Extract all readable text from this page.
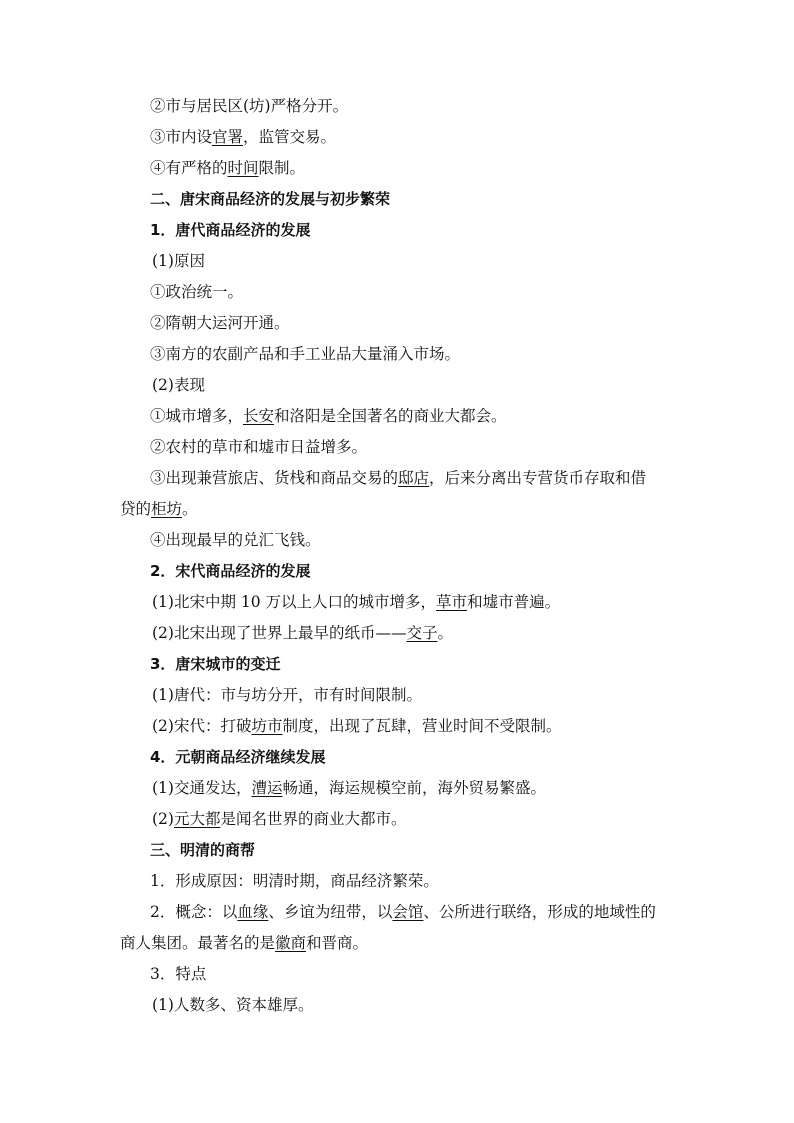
②市与居民区(坊)严格分开。
③市内设官署，监管交易。
④有严格的时间限制。
二、唐宋商品经济的发展与初步繁荣
1．唐代商品经济的发展
(1)原因
①政治统一。
②隋朝大运河开通。
③南方的农副产品和手工业品大量涌入市场。
(2)表现
①城市增多，长安和洛阳是全国著名的商业大都会。
②农村的草市和墟市日益增多。
③出现兼营旅店、货栈和商品交易的邸店，后来分离出专营货币存取和借
贷的柜坊。
④出现最早的兑汇飞钱。
2．宋代商品经济的发展
(1)北宋中期 10 万以上人口的城市增多，草市和墟市普遍。
(2)北宋出现了世界上最早的纸币——交子。
3．唐宋城市的变迁
(1)唐代：市与坊分开，市有时间限制。
(2)宋代：打破坊市制度，出现了瓦肆，营业时间不受限制。
4．元朝商品经济继续发展
(1)交通发达，漕运畅通，海运规模空前，海外贸易繁盛。
(2)元大都是闻名世界的商业大都市。
三、明清的商帮
1．形成原因：明清时期，商品经济繁荣。
2．概念：以血缘、乡谊为纽带，以会馆、公所进行联络，形成的地域性的
商人集团。最著名的是徽商和晋商。
3．特点
(1)人数多、资本雄厚。
